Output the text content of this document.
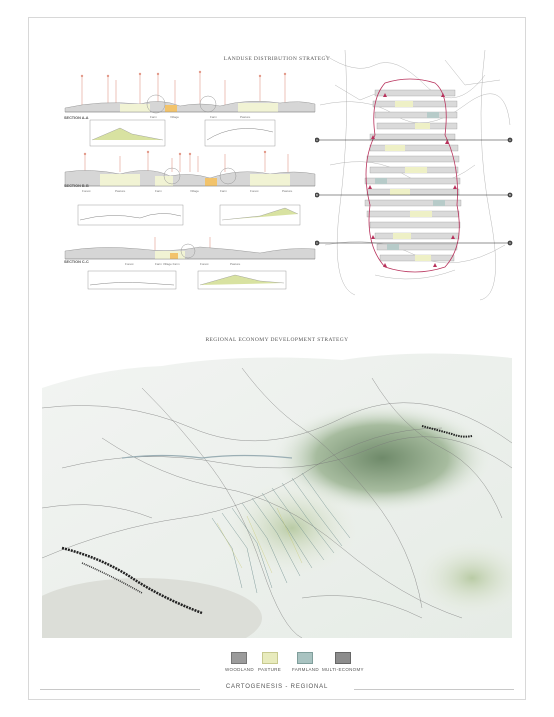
LANDUSE DISTRIBUTION STRATEGY
Farm	Village	Farm	Pasture
SECTION A-A
Forest	Pasture	Farm	Village	Farm	Forest	Pasture
SECTION B-B
Forest	Farm Village Farm	Forest	Pasture
SECTION C-C
A	A
B	B
C	C
REGIONAL ECONOMY DEVELOPMENT STRATEGY
WOODLAND PASTURE FARMLAND MULTI-ECONOMY
CARTOGENESIS - REGIONAL
